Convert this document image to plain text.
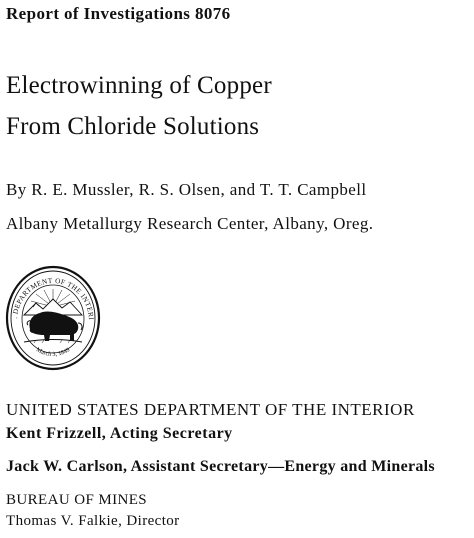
Report of Investigations 8076
Electrowinning of Copper
From Chloride Solutions
By R. E. Mussler, R. S. Olsen, and T. T. Campbell
Albany Metallurgy Research Center, Albany, Oreg.
. DEPARTMENT OF THE INTERI
March 3, 1849
UNITED STATES DEPARTMENT OF THE INTERIOR
Kent Frizzell, Acting Secretary
Jack W. Carlson, Assistant Secretary—Energy and Minerals
BUREAU OF MINES
Thomas V. Falkie, Director
